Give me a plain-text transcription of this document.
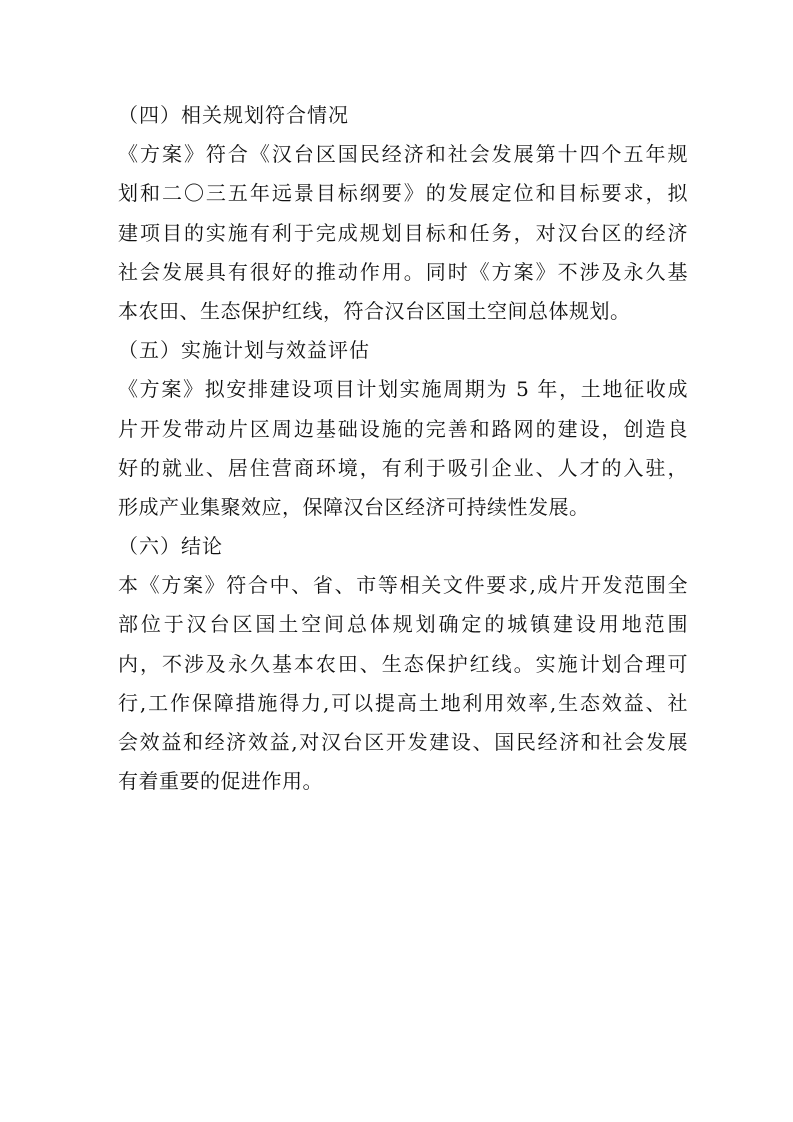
（四）相关规划符合情况
《方案》符合《汉台区国民经济和社会发展第十四个五年规
划和二〇三五年远景目标纲要》的发展定位和目标要求，拟
建项目的实施有利于完成规划目标和任务，对汉台区的经济
社会发展具有很好的推动作用。同时《方案》不涉及永久基
本农田、生态保护红线，符合汉台区国土空间总体规划。
（五）实施计划与效益评估
《方案》拟安排建设项目计划实施周期为 5 年，土地征收成
片开发带动片区周边基础设施的完善和路网的建设，创造良
好的就业、居住营商环境，有利于吸引企业、人才的入驻，
形成产业集聚效应，保障汉台区经济可持续性发展。
（六）结论
本《方案》符合中、省、市等相关文件要求,成片开发范围全
部位于汉台区国土空间总体规划确定的城镇建设用地范围
内，不涉及永久基本农田、生态保护红线。实施计划合理可
行,工作保障措施得力,可以提高土地利用效率,生态效益、社
会效益和经济效益,对汉台区开发建设、国民经济和社会发展
有着重要的促进作用。
